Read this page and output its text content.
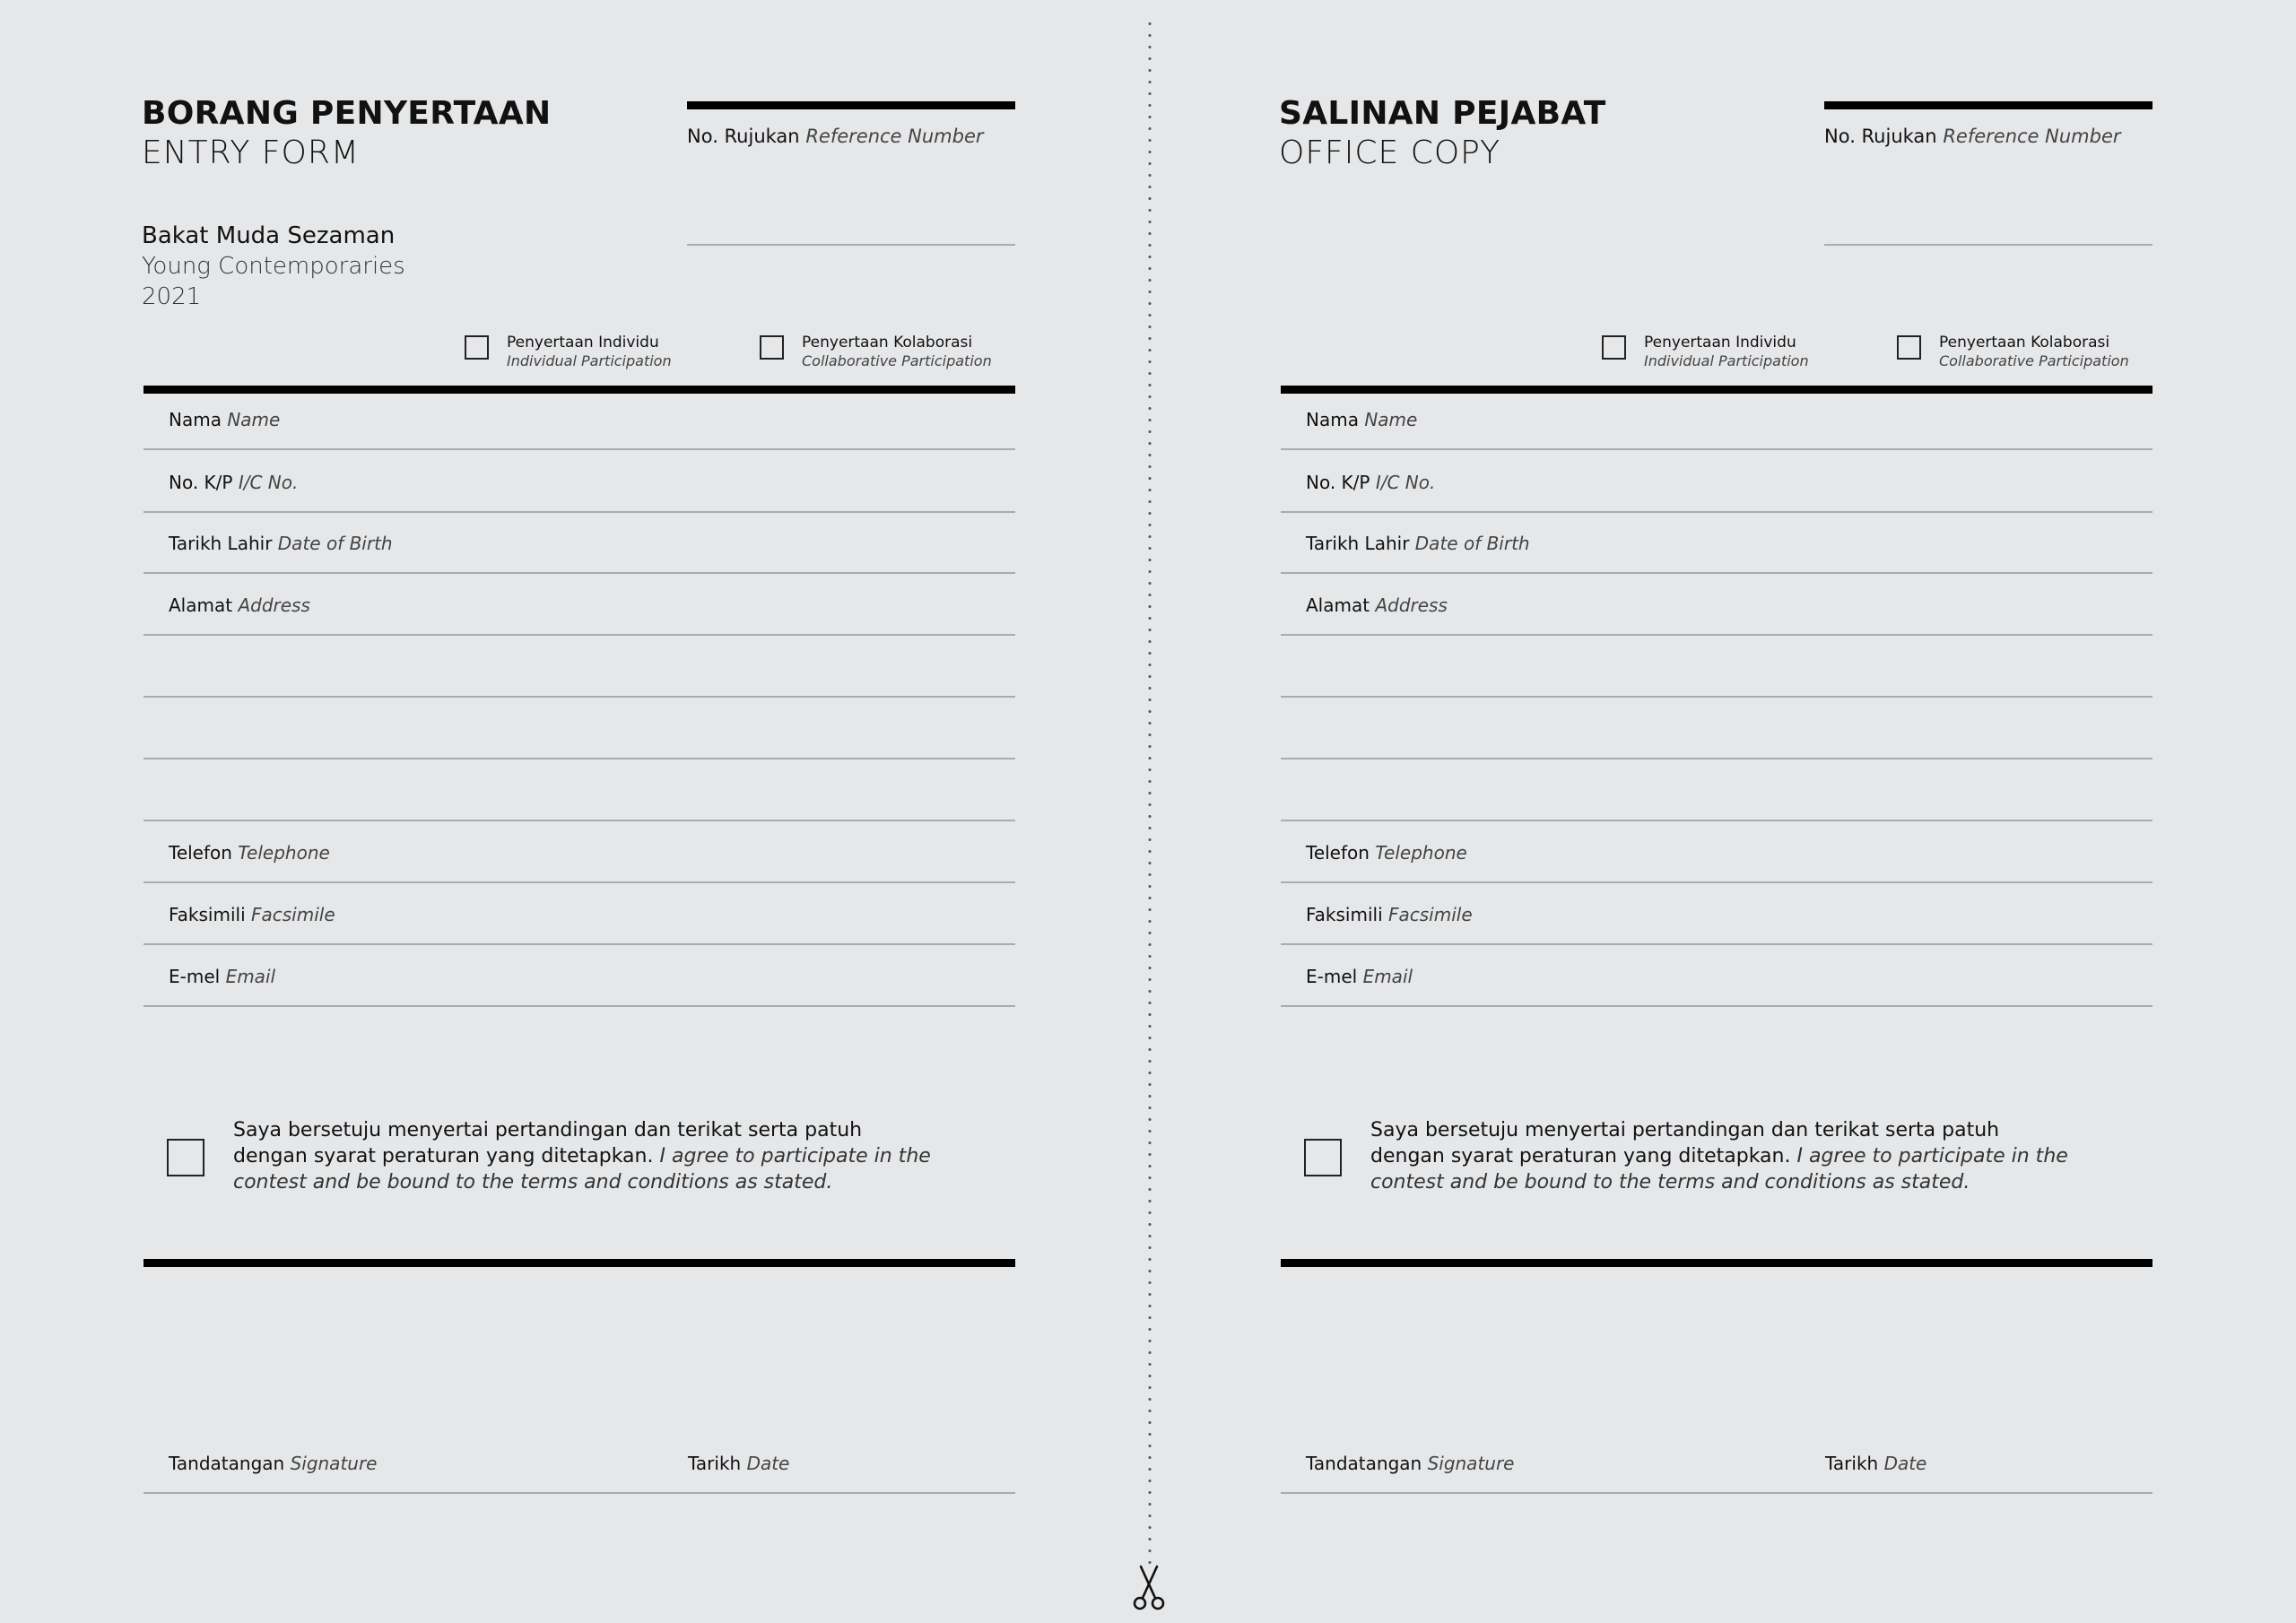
BORANG PENYERTAAN
ENTRY FORM	No. Rujukan Reference Number
Bakat Muda Sezaman
Young Contemporaries
2021
Penyertaan Individu
Individual Participation
Penyertaan Kolaborasi
Collaborative Participation
Nama Name
No. K/P I/C No.
Tarikh Lahir Date of Birth
Alamat Address
Telefon Telephone
Faksimili Facsimile
E-mel Email
Saya bersetuju menyertai pertandingan dan terikat serta patuh dengan syarat peraturan yang ditetapkan. I agree to participate in the contest and be bound to the terms and conditions as stated.
Tandatangan Signature	Tarikh Date
SALINAN PEJABAT
OFFICE COPY	No. Rujukan Reference Number
Penyertaan Individu
Individual Participation
Penyertaan Kolaborasi
Collaborative Participation
Nama Name
No. K/P I/C No.
Tarikh Lahir Date of Birth
Alamat Address
Telefon Telephone
Faksimili Facsimile
E-mel Email
Saya bersetuju menyertai pertandingan dan terikat serta patuh dengan syarat peraturan yang ditetapkan. I agree to participate in the contest and be bound to the terms and conditions as stated.
Tandatangan Signature	Tarikh Date
